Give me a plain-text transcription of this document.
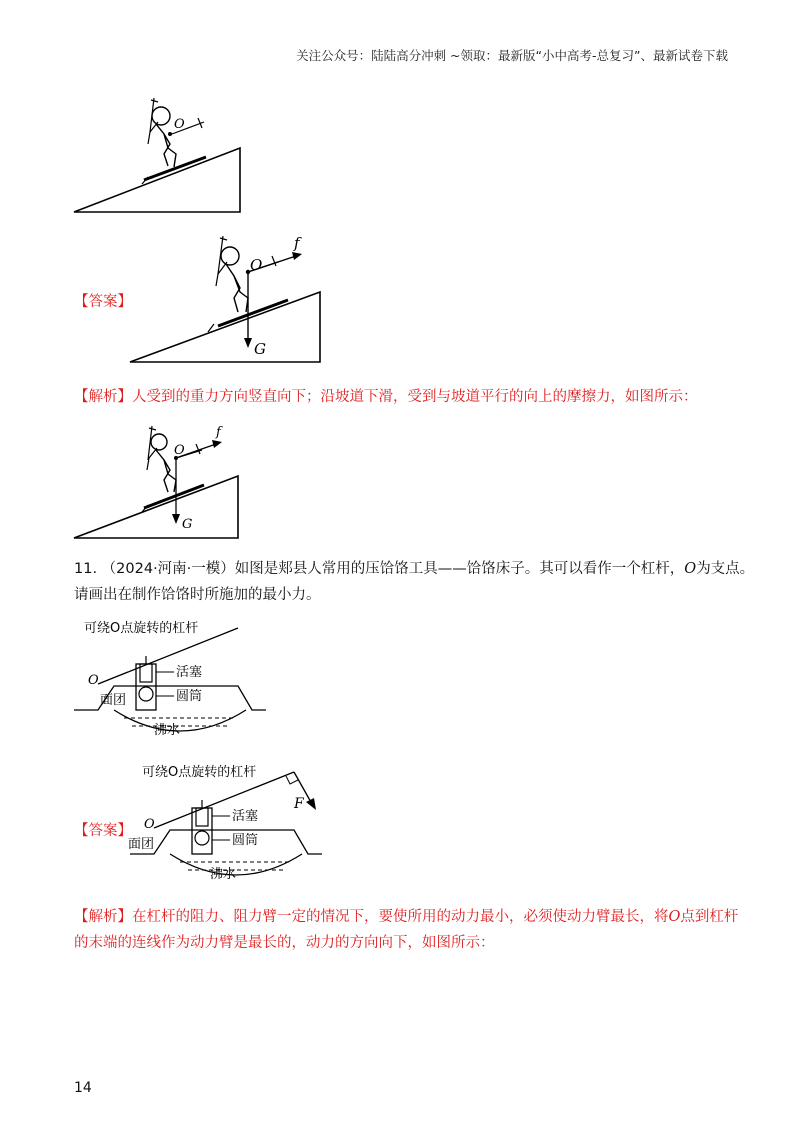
关注公众号：陆陆高分冲刺 ~领取：最新版“小中高考-总复习”、最新试卷下载
O
【答案】
O
f
G
【解析】人受到的重力方向竖直向下；沿坡道下滑，受到与坡道平行的向上的摩擦力，如图所示：
O
f
G
11. （2024·河南·一模）如图是郏县人常用的压饸饹工具——饸饹床子。其可以看作一个杠杆，O为支点。
请画出在制作饸饹时所施加的最小力。
可绕O点旋转的杠杆
活塞
圆筒
面团
沸水
O
【答案】
可绕O点旋转的杠杆
F
活塞
圆筒
面团
沸水
O
【解析】在杠杆的阻力、阻力臂一定的情况下，要使所用的动力最小，必须使动力臂最长，将O点到杠杆
的末端的连线作为动力臂是最长的，动力的方向向下，如图所示：
14
